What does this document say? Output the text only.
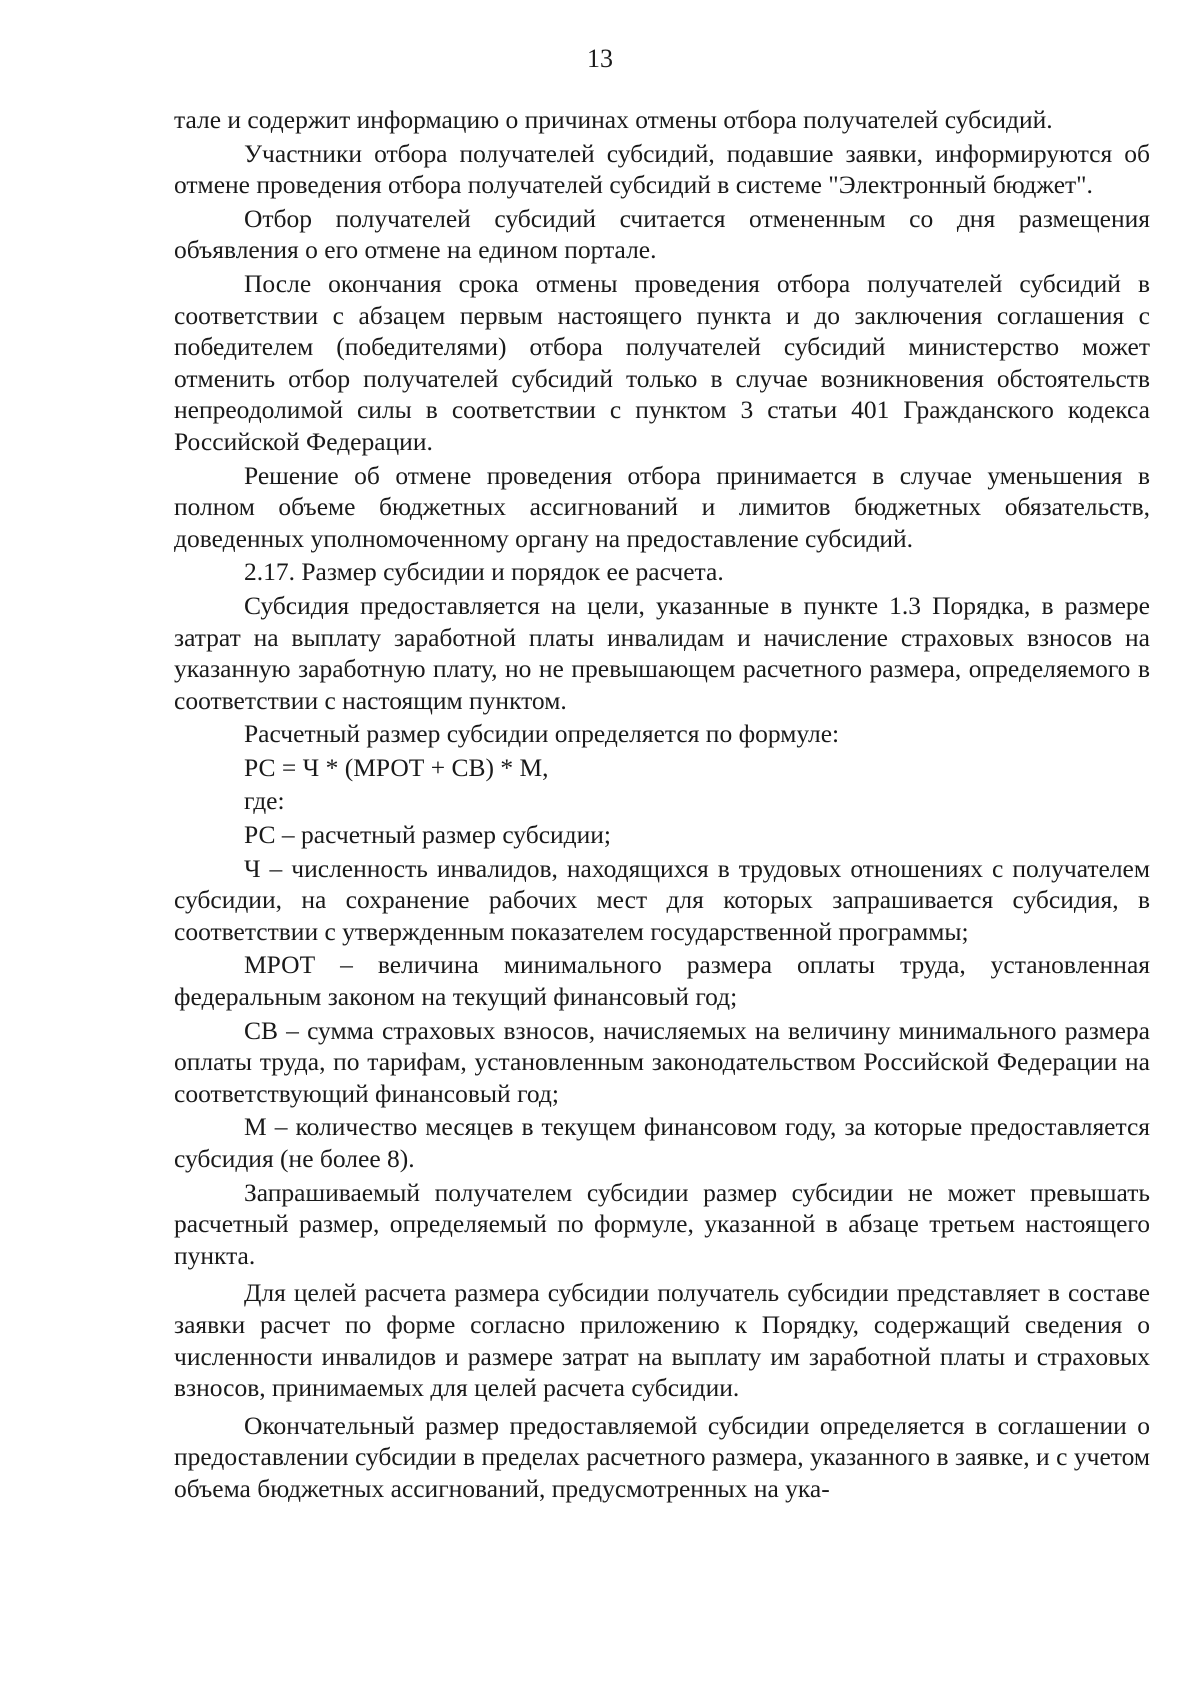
13

тале и содержит информацию о причинах отмены отбора получателей субсидий.

Участники отбора получателей субсидий, подавшие заявки, информируются об отмене проведения отбора получателей субсидий в системе "Электронный бюджет".

Отбор получателей субсидий считается отмененным со дня размещения объявления о его отмене на едином портале.

После окончания срока отмены проведения отбора получателей субсидий в соответствии с абзацем первым настоящего пункта и до заключения соглашения с победителем (победителями) отбора получателей субсидий министерство может отменить отбор получателей субсидий только в случае возникновения обстоятельств непреодолимой силы в соответствии с пунктом 3 статьи 401 Гражданского кодекса Российской Федерации.

Решение об отмене проведения отбора принимается в случае уменьшения в полном объеме бюджетных ассигнований и лимитов бюджетных обязательств, доведенных уполномоченному органу на предоставление субсидий.

2.17. Размер субсидии и порядок ее расчета.

Субсидия предоставляется на цели, указанные в пункте 1.3 Порядка, в размере затрат на выплату заработной платы инвалидам и начисление страховых взносов на указанную заработную плату, но не превышающем расчетного размера, определяемого в соответствии с настоящим пунктом.

Расчетный размер субсидии определяется по формуле:

РС = Ч * (МРОТ + СВ) * М,

где:

РС – расчетный размер субсидии;

Ч – численность инвалидов, находящихся в трудовых отношениях с получателем субсидии, на сохранение рабочих мест для которых запрашивается субсидия, в соответствии с утвержденным показателем государственной программы;

МРОТ – величина минимального размера оплаты труда, установленная федеральным законом на текущий финансовый год;

СВ – сумма страховых взносов, начисляемых на величину минимального размера оплаты труда, по тарифам, установленным законодательством Российской Федерации на соответствующий финансовый год;

М – количество месяцев в текущем финансовом году, за которые предоставляется субсидия (не более 8).

Запрашиваемый получателем субсидии размер субсидии не может превышать расчетный размер, определяемый по формуле, указанной в абзаце третьем настоящего пункта.

Для целей расчета размера субсидии получатель субсидии представляет в составе заявки расчет по форме согласно приложению к Порядку, содержащий сведения о численности инвалидов и размере затрат на выплату им заработной платы и страховых взносов, принимаемых для целей расчета субсидии.

Окончательный размер предоставляемой субсидии определяется в соглашении о предоставлении субсидии в пределах расчетного размера, указанного в заявке, и с учетом объема бюджетных ассигнований, предусмотренных на ука-
